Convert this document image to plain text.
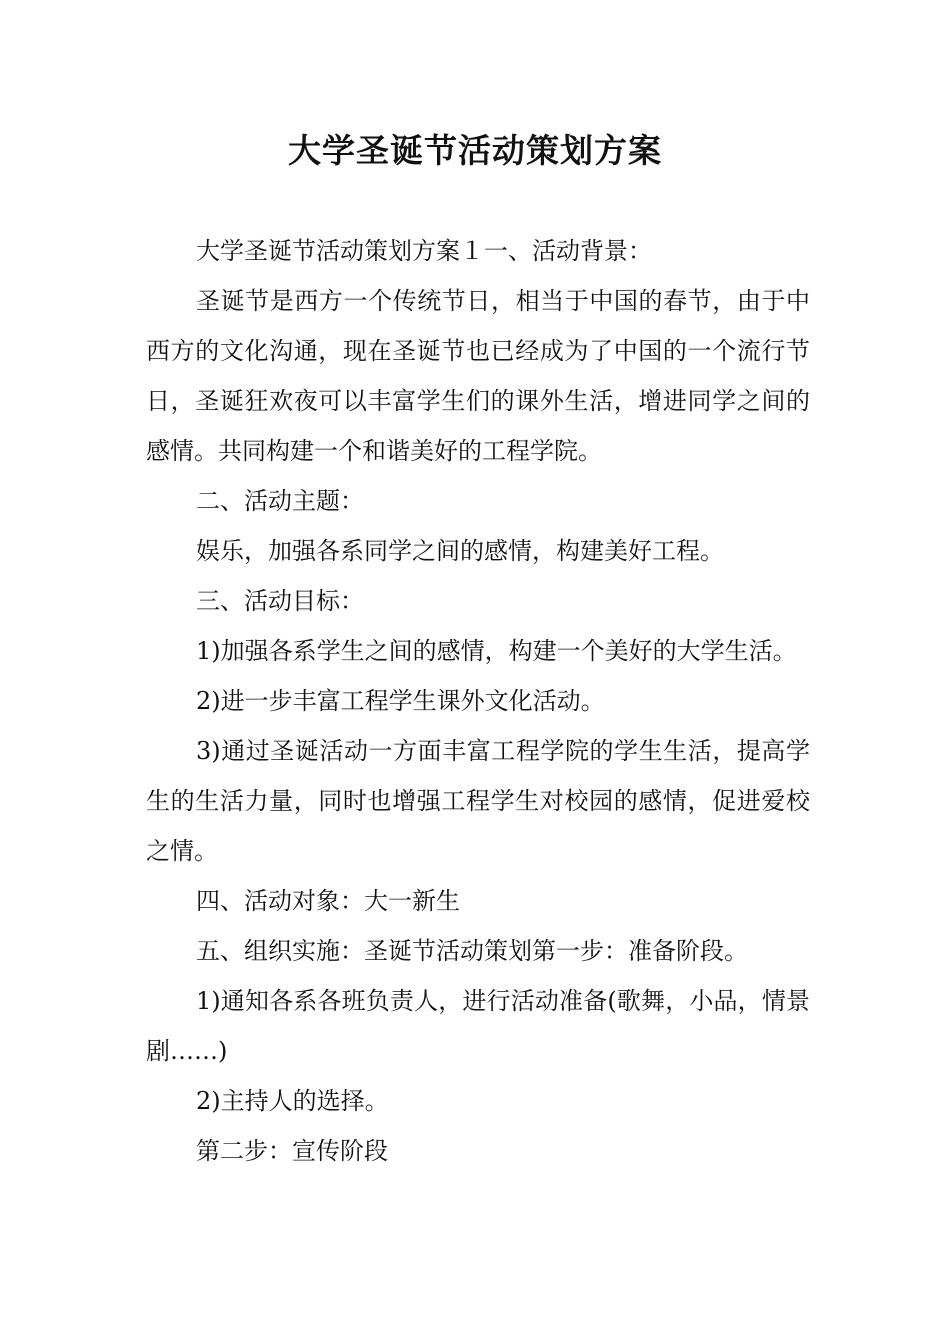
大学圣诞节活动策划方案

大学圣诞节活动策划方案１一、活动背景：

圣诞节是西方一个传统节日，相当于中国的春节，由于中西方的文化沟通，现在圣诞节也已经成为了中国的一个流行节日，圣诞狂欢夜可以丰富学生们的课外生活，增进同学之间的感情。共同构建一个和谐美好的工程学院。

二、活动主题：

娱乐，加强各系同学之间的感情，构建美好工程。

三、活动目标：

1)加强各系学生之间的感情，构建一个美好的大学生活。

2)进一步丰富工程学生课外文化活动。

3)通过圣诞活动一方面丰富工程学院的学生生活，提高学生的生活力量，同时也增强工程学生对校园的感情，促进爱校之情。

四、活动对象：大一新生

五、组织实施：圣诞节活动策划第一步：准备阶段。

1)通知各系各班负责人，进行活动准备(歌舞，小品，情景剧……)

2)主持人的选择。

第二步：宣传阶段
